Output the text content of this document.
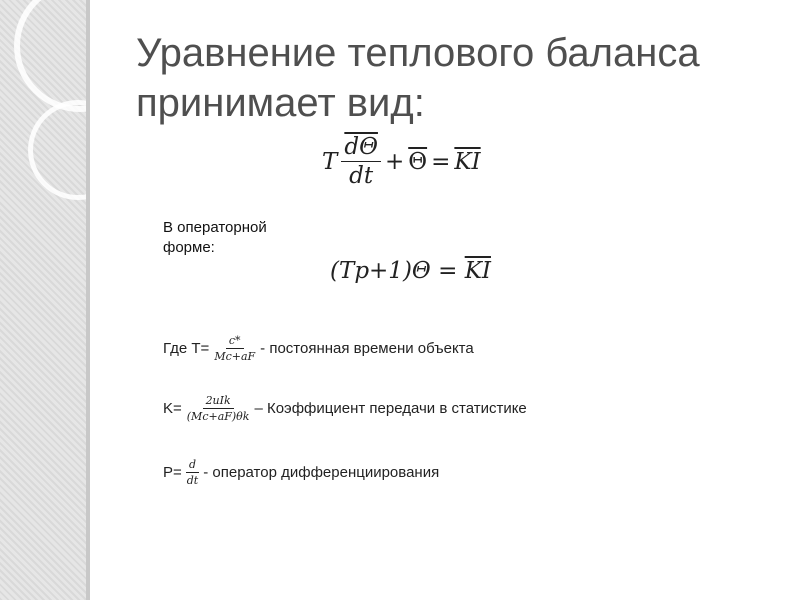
Уравнение теплового баланса принимает вид:
T $\frac{\overline{d\Theta}}{dt} + \overline{\Theta} = \overline{KI}$
В операторной форме:
$(Tp+1)\Theta = \overline{KI}$
Где $T= \frac{c*}{Mc+aF}$ - постоянная времени объекта
$K= \frac{\text{2uIk}}{(Mc+aF)\theta k}$ – Коэффициент передачи в статистике
$P= \frac{d}{dt}$ - оператор дифференциирования
